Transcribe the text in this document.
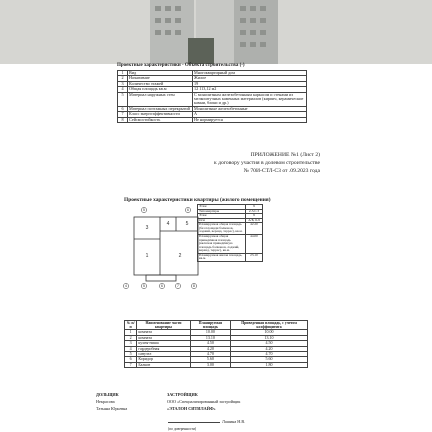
Проектные характеристики - Объекта строительства (-)
1	Вид	Многоквартирный дом
2	Назначение	Жилое
3	Количество этажей	19
4	Общая площадь кв.м	12 113,12 м2
5	Материал наружных стен	С монолитным железобетонным каркасом и стенами из мелкоштучных каменных материалов (кирпич, керамические камни, блоки и др.)
6	Материал поэтажных перекрытий	Монолитные железобетонные
7	Класс энергоэффективности	A
8	Сейсмостойкость	Не нормируется
ПРИЛОЖЕНИЕ №1 (Лист 2)
к договору участия в долевом строительстве
№ 70И-СТЛ-С3 от .09.2023 года
Проектные характеристики квартиры (жилого помещения)
1	2
3
4	5
5	6
4	5	6	7	8
Этаж	9
Тип квартиры	2-3.С.3
Этаж	9
Оси	А/Б, 6-9
Планируемая общая площадь (без площади балконов, лоджий, веранд, террас), кв.м.	42.20
Планируемая общая приведённая площадь (включая приведённую площадь балконов, лоджий, веранд, террас), кв.м.	44.00
Планируемая жилая площадь, кв.м.	23.10
№ п/п	Наименование части квартиры	Планируемая площадь	Приведенная площадь, с учетом коэффициента
1	комната	10.00	10.00
2	комната	13.10	13.10
3	кухня-ниша	4.50	4.50
4	гардеробная	4.20	4.20
5	санузел	4.70	4.70
6	Коридор	5.60	5.60
7	Балкон	3.00	1.80
ДОЛЬЩИК
Некрасова
Татьяна Юрьевна
ЗАСТРОЙЩИК
ООО «Специализированный застройщик
«ЭТАЛОН СИТИЛАЙФ»
Лашина Н.В.
(по доверенности)
